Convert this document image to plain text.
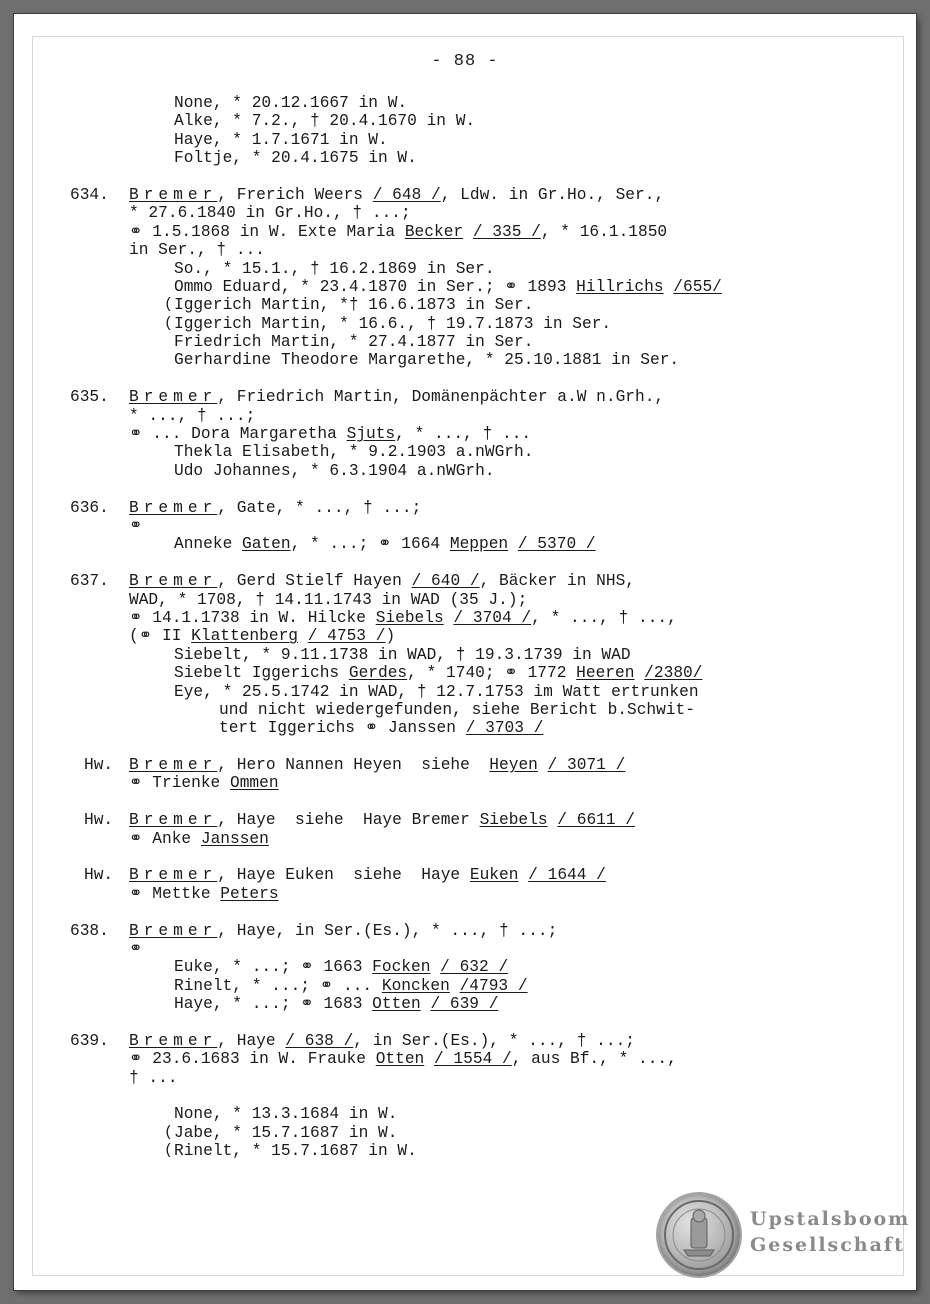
- 88 -
None, * 20.12.1667 in W.
Alke, * 7.2., † 20.4.1670 in W.
Haye, * 1.7.1671 in W.
Foltje, * 20.4.1675 in W.
634. Bremer, Frerich Weers / 648 /, Ldw. in Gr.Ho., Ser.,
* 27.6.1840 in Gr.Ho., † ...;
⚭ 1.5.1868 in W. Exte Maria Becker / 335 /, * 16.1.1850
in Ser., † ...
So., * 15.1., † 16.2.1869 in Ser.
Ommo Eduard, * 23.4.1870 in Ser.; ⚭ 1893 Hillrichs /655/
( Iggerich Martin, *† 16.6.1873 in Ser.
( Iggerich Martin, * 16.6., † 19.7.1873 in Ser.
Friedrich Martin, * 27.4.1877 in Ser.
Gerhardine Theodore Margarethe, * 25.10.1881 in Ser.
635. Bremer, Friedrich Martin, Domänenpächter a.W n.Grh.,
* ..., † ...;
⚭ ... Dora Margaretha Sjuts, * ..., † ...
Thekla Elisabeth, * 9.2.1903 a.nWGrh.
Udo Johannes, * 6.3.1904 a.nWGrh.
636. Bremer, Gate, * ..., † ...;
⚭
Anneke Gaten, * ...; ⚭ 1664 Meppen / 5370 /
637. Bremer, Gerd Stielf Hayen / 640 /, Bäcker in NHS,
WAD, * 1708, † 14.11.1743 in WAD (35 J.);
⚭ 14.1.1738 in W. Hilcke Siebels / 3704 /, * ..., † ...,
(⚭ II Klattenberg / 4753 /)
Siebelt, * 9.11.1738 in WAD, † 19.3.1739 in WAD
Siebelt Iggerichs Gerdes, * 1740; ⚭ 1772 Heeren /2380/
Eye, * 25.5.1742 in WAD, † 12.7.1753 im Watt ertrunken
und nicht wiedergefunden, siehe Bericht b.Schwit-
tert Iggerichs ⚭ Janssen / 3703 /
Hw. Bremer, Hero Nannen Heyen  siehe  Heyen / 3071 /
⚭ Trienke Ommen
Hw. Bremer, Haye  siehe  Haye Bremer Siebels / 6611 /
⚭ Anke Janssen
Hw. Bremer, Haye Euken  siehe  Haye Euken / 1644 /
⚭ Mettke Peters
638. Bremer, Haye, in Ser.(Es.), * ..., † ...;
⚭
Euke, * ...; ⚭ 1663 Focken / 632 /
Rinelt, * ...; ⚭ ... Koncken /4793 /
Haye, * ...; ⚭ 1683 Otten / 639 /
639. Bremer, Haye / 638 /, in Ser.(Es.), * ..., † ...;
⚭ 23.6.1683 in W. Frauke Otten / 1554 /, aus Bf., * ...,
† ...
None, * 13.3.1684 in W.
( Jabe, * 15.7.1687 in W.
( Rinelt, * 15.7.1687 in W.
Upstalsboom
Gesellschaft
